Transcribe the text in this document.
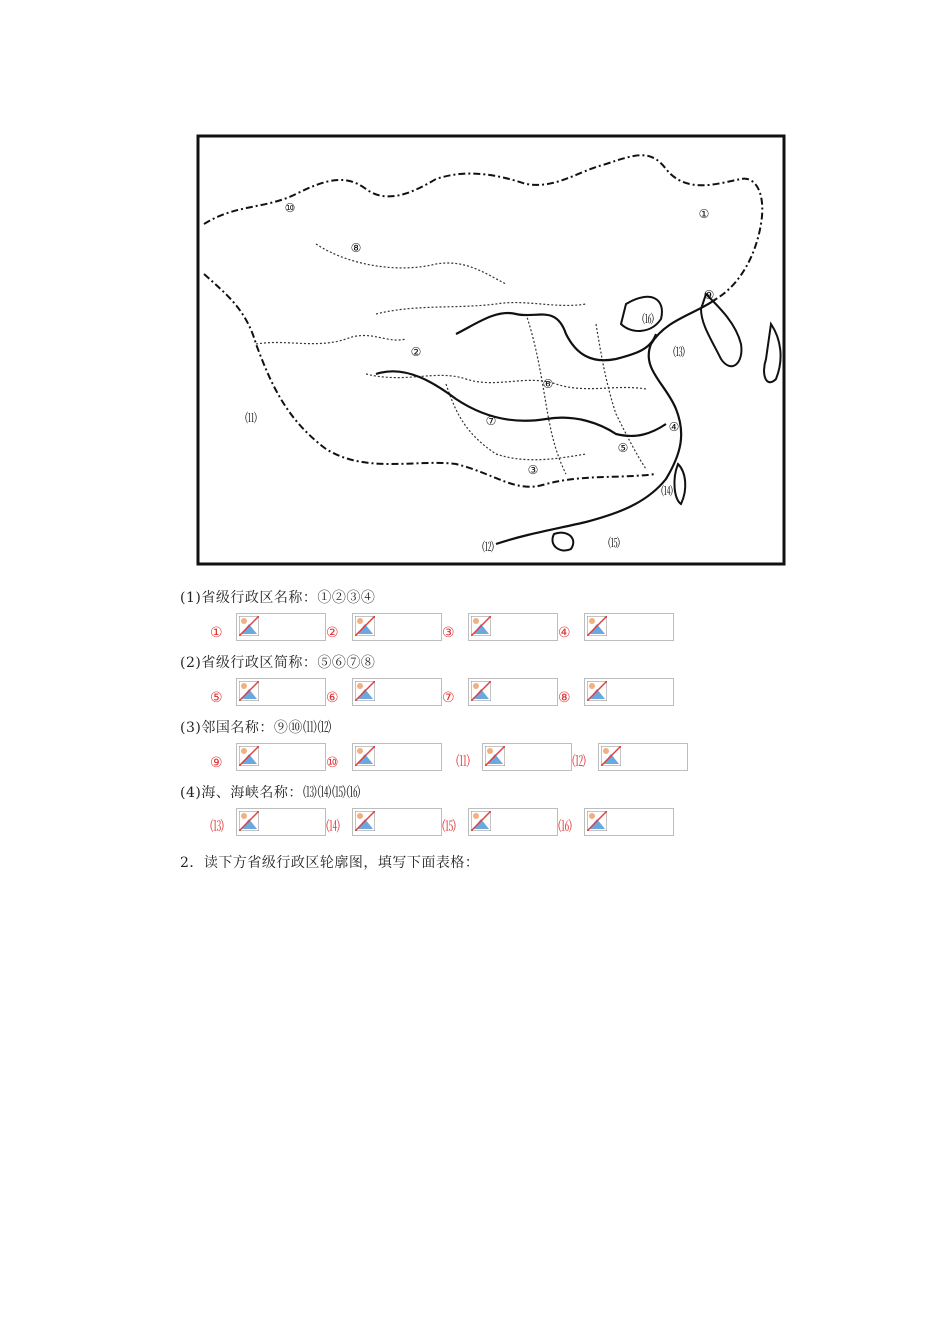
①
②
③
④
⑤
⑥
⑦
⑧
⑨
⑩
⑾
⑿
⒀
⒁
⒂
⒃
(1)省级行政区名称：①②③④
①	②	③	④
(2)省级行政区简称：⑤⑥⑦⑧
⑤	⑥	⑦	⑧
(3)邻国名称：⑨⑩⑾⑿
⑨	⑩	⑾	⑿
(4)海、海峡名称：⒀⒁⒂⒃
⒀	⒁	⒂	⒃
2．读下方省级行政区轮廓图，填写下面表格：
